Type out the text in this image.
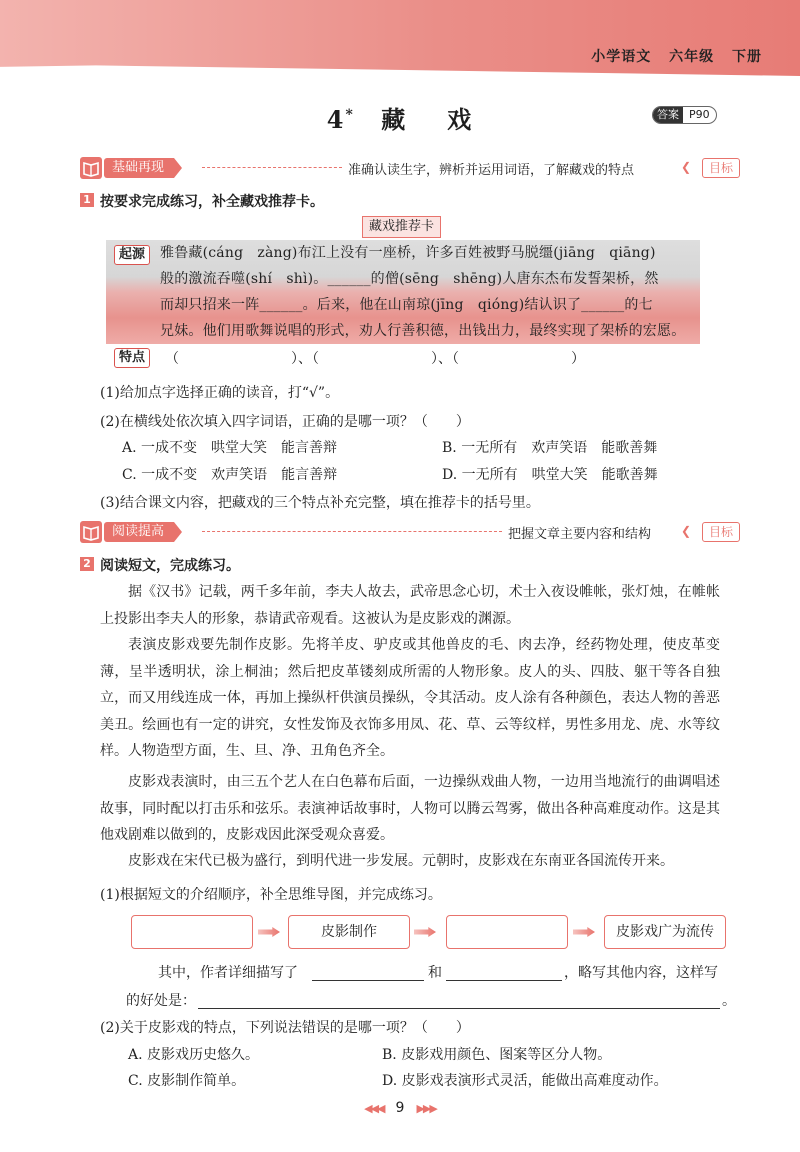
小学语文 六年级 下册
4* 藏 戏	答案 P90
基础再现	准确认读生字，辨析并运用词语，了解藏戏的特点	❮	目标
1 按要求完成练习，补全藏戏推荐卡。
藏戏推荐卡
起源	雅鲁藏(cáng　zàng)布江上没有一座桥，许多百姓被野马脱缰(jiāng　qiāng)
般的激流吞噬(shí　shì)。______的僧(sēng　shēng)人唐东杰布发誓架桥，然
而却只招来一阵______。后来，他在山南琼(jīng　qióng)结认识了______的七
兄妹。他们用歌舞说唱的形式，劝人行善积德，出钱出力，最终实现了架桥的宏愿。
特点	（　　　　　　　　）、（　　　　　　　　）、（　　　　　　　　）
(1)给加点字选择正确的读音，打“√”。
(2)在横线处依次填入四字词语，正确的是哪一项？（　　）
A. 一成不变　哄堂大笑　能言善辩	B. 一无所有　欢声笑语　能歌善舞
C. 一成不变　欢声笑语　能言善辩	D. 一无所有　哄堂大笑　能歌善舞
(3)结合课文内容，把藏戏的三个特点补充完整，填在推荐卡的括号里。
阅读提高	把握文章主要内容和结构 ❮	目标
2 阅读短文，完成练习。
据《汉书》记载，两千多年前，李夫人故去，武帝思念心切，术士入夜设帷帐，张灯烛，在帷帐上投影出李夫人的形象，恭请武帝观看。这被认为是皮影戏的渊源。
表演皮影戏要先制作皮影。先将羊皮、驴皮或其他兽皮的毛、肉去净，经药物处理，使皮革变薄，呈半透明状，涂上桐油；然后把皮革镂刻成所需的人物形象。皮人的头、四肢、躯干等各自独立，而又用线连成一体，再加上操纵杆供演员操纵，令其活动。皮人涂有各种颜色，表达人物的善恶美丑。绘画也有一定的讲究，女性发饰及衣饰多用凤、花、草、云等纹样，男性多用龙、虎、水等纹样。人物造型方面，生、旦、净、丑角色齐全。
皮影戏表演时，由三五个艺人在白色幕布后面，一边操纵戏曲人物，一边用当地流行的曲调唱述故事，同时配以打击乐和弦乐。表演神话故事时，人物可以腾云驾雾，做出各种高难度动作。这是其他戏剧难以做到的，皮影戏因此深受观众喜爱。
皮影戏在宋代已极为盛行，到明代进一步发展。元朝时，皮影戏在东南亚各国流传开来。
(1)根据短文的介绍顺序，补全思维导图，并完成练习。
皮影制作	皮影戏广为流传
其中，作者详细描写了	和	，略写其他内容，这样写
的好处是：	。
(2)关于皮影戏的特点，下列说法错误的是哪一项？（　　）
A. 皮影戏历史悠久。	B. 皮影戏用颜色、图案等区分人物。
C. 皮影制作简单。	D. 皮影戏表演形式灵活，能做出高难度动作。
◀◀◀ 9 ▶▶▶
